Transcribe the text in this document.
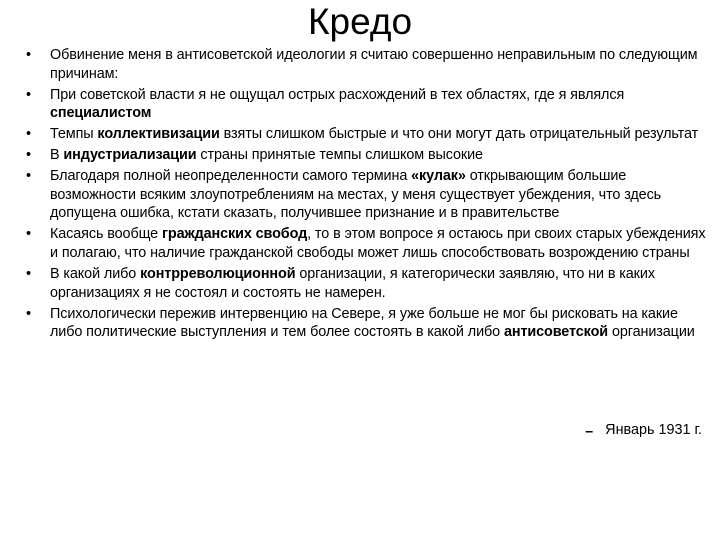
Кредо
• Обвинение меня в антисоветской идеологии я считаю совершенно неправильным по следующим причинам:
• При советской власти я не ощущал острых расхождений в тех областях, где я являлся специалистом
• Темпы коллективизации взяты слишком быстрые и что они могут дать отрицательный результат
• В индустриализации страны принятые темпы слишком высокие
• Благодаря полной неопределенности самого термина «кулак» открывающим большие возможности всяким злоупотреблениям на местах, у меня существует убеждения, что здесь допущена ошибка, кстати сказать, получившее признание и в правительстве
• Касаясь вообще гражданских свобод, то в этом вопросе я остаюсь при своих старых убеждениях и полагаю, что наличие гражданской свободы может лишь способствовать возрождению страны
• В какой либо контрреволюционной организации, я категорически заявляю, что ни в каких организациях я не состоял и состоять не намерен.
• Психологически пережив интервенцию на Севере, я уже больше не мог бы рисковать на какие либо политические выступления и тем более состоять в какой либо антисоветской организации
– Январь 1931 г.
